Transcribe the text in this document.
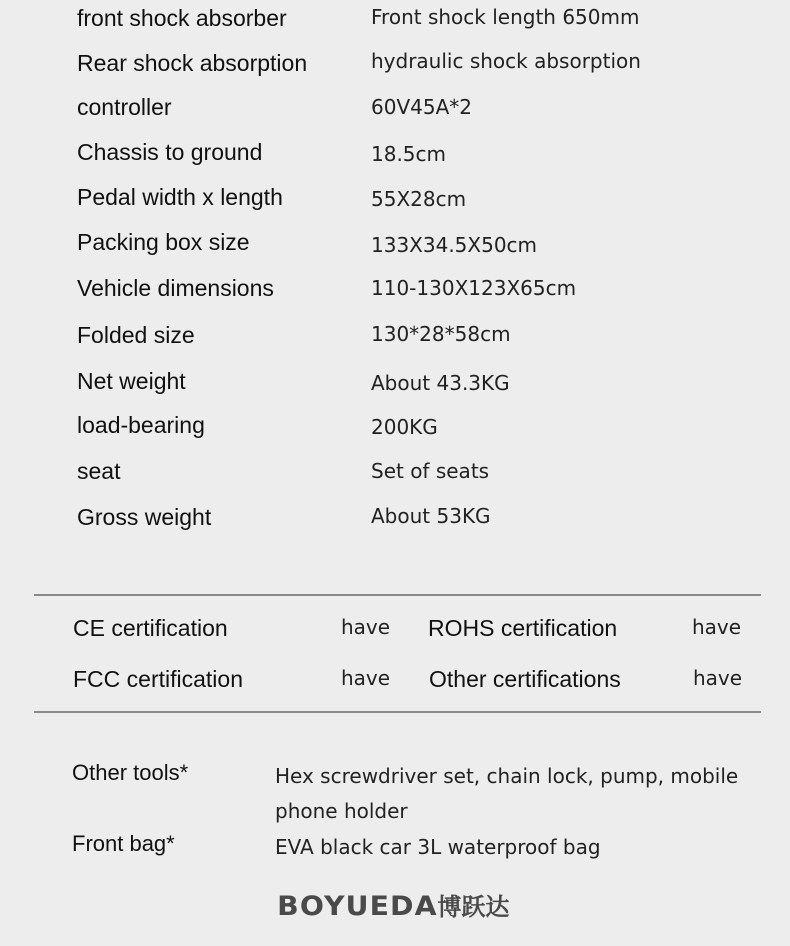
front shock absorber	Front shock length 650mm
Rear shock absorption	hydraulic shock absorption
controller	60V45A*2
Chassis to ground	18.5cm
Pedal width x length	55X28cm
Packing box size	133X34.5X50cm
Vehicle dimensions	110-130X123X65cm
Folded size	130*28*58cm
Net weight	About 43.3KG
load-bearing	200KG
seat	Set of seats
Gross weight	About 53KG
CE certification	have ROHS certification	have
FCC certification	have Other certifications	have
Other tools*	Hex screwdriver set, chain lock, pump, mobile phone holder
Front bag*	EVA black car 3L waterproof bag
BOYUEDA博跃达
